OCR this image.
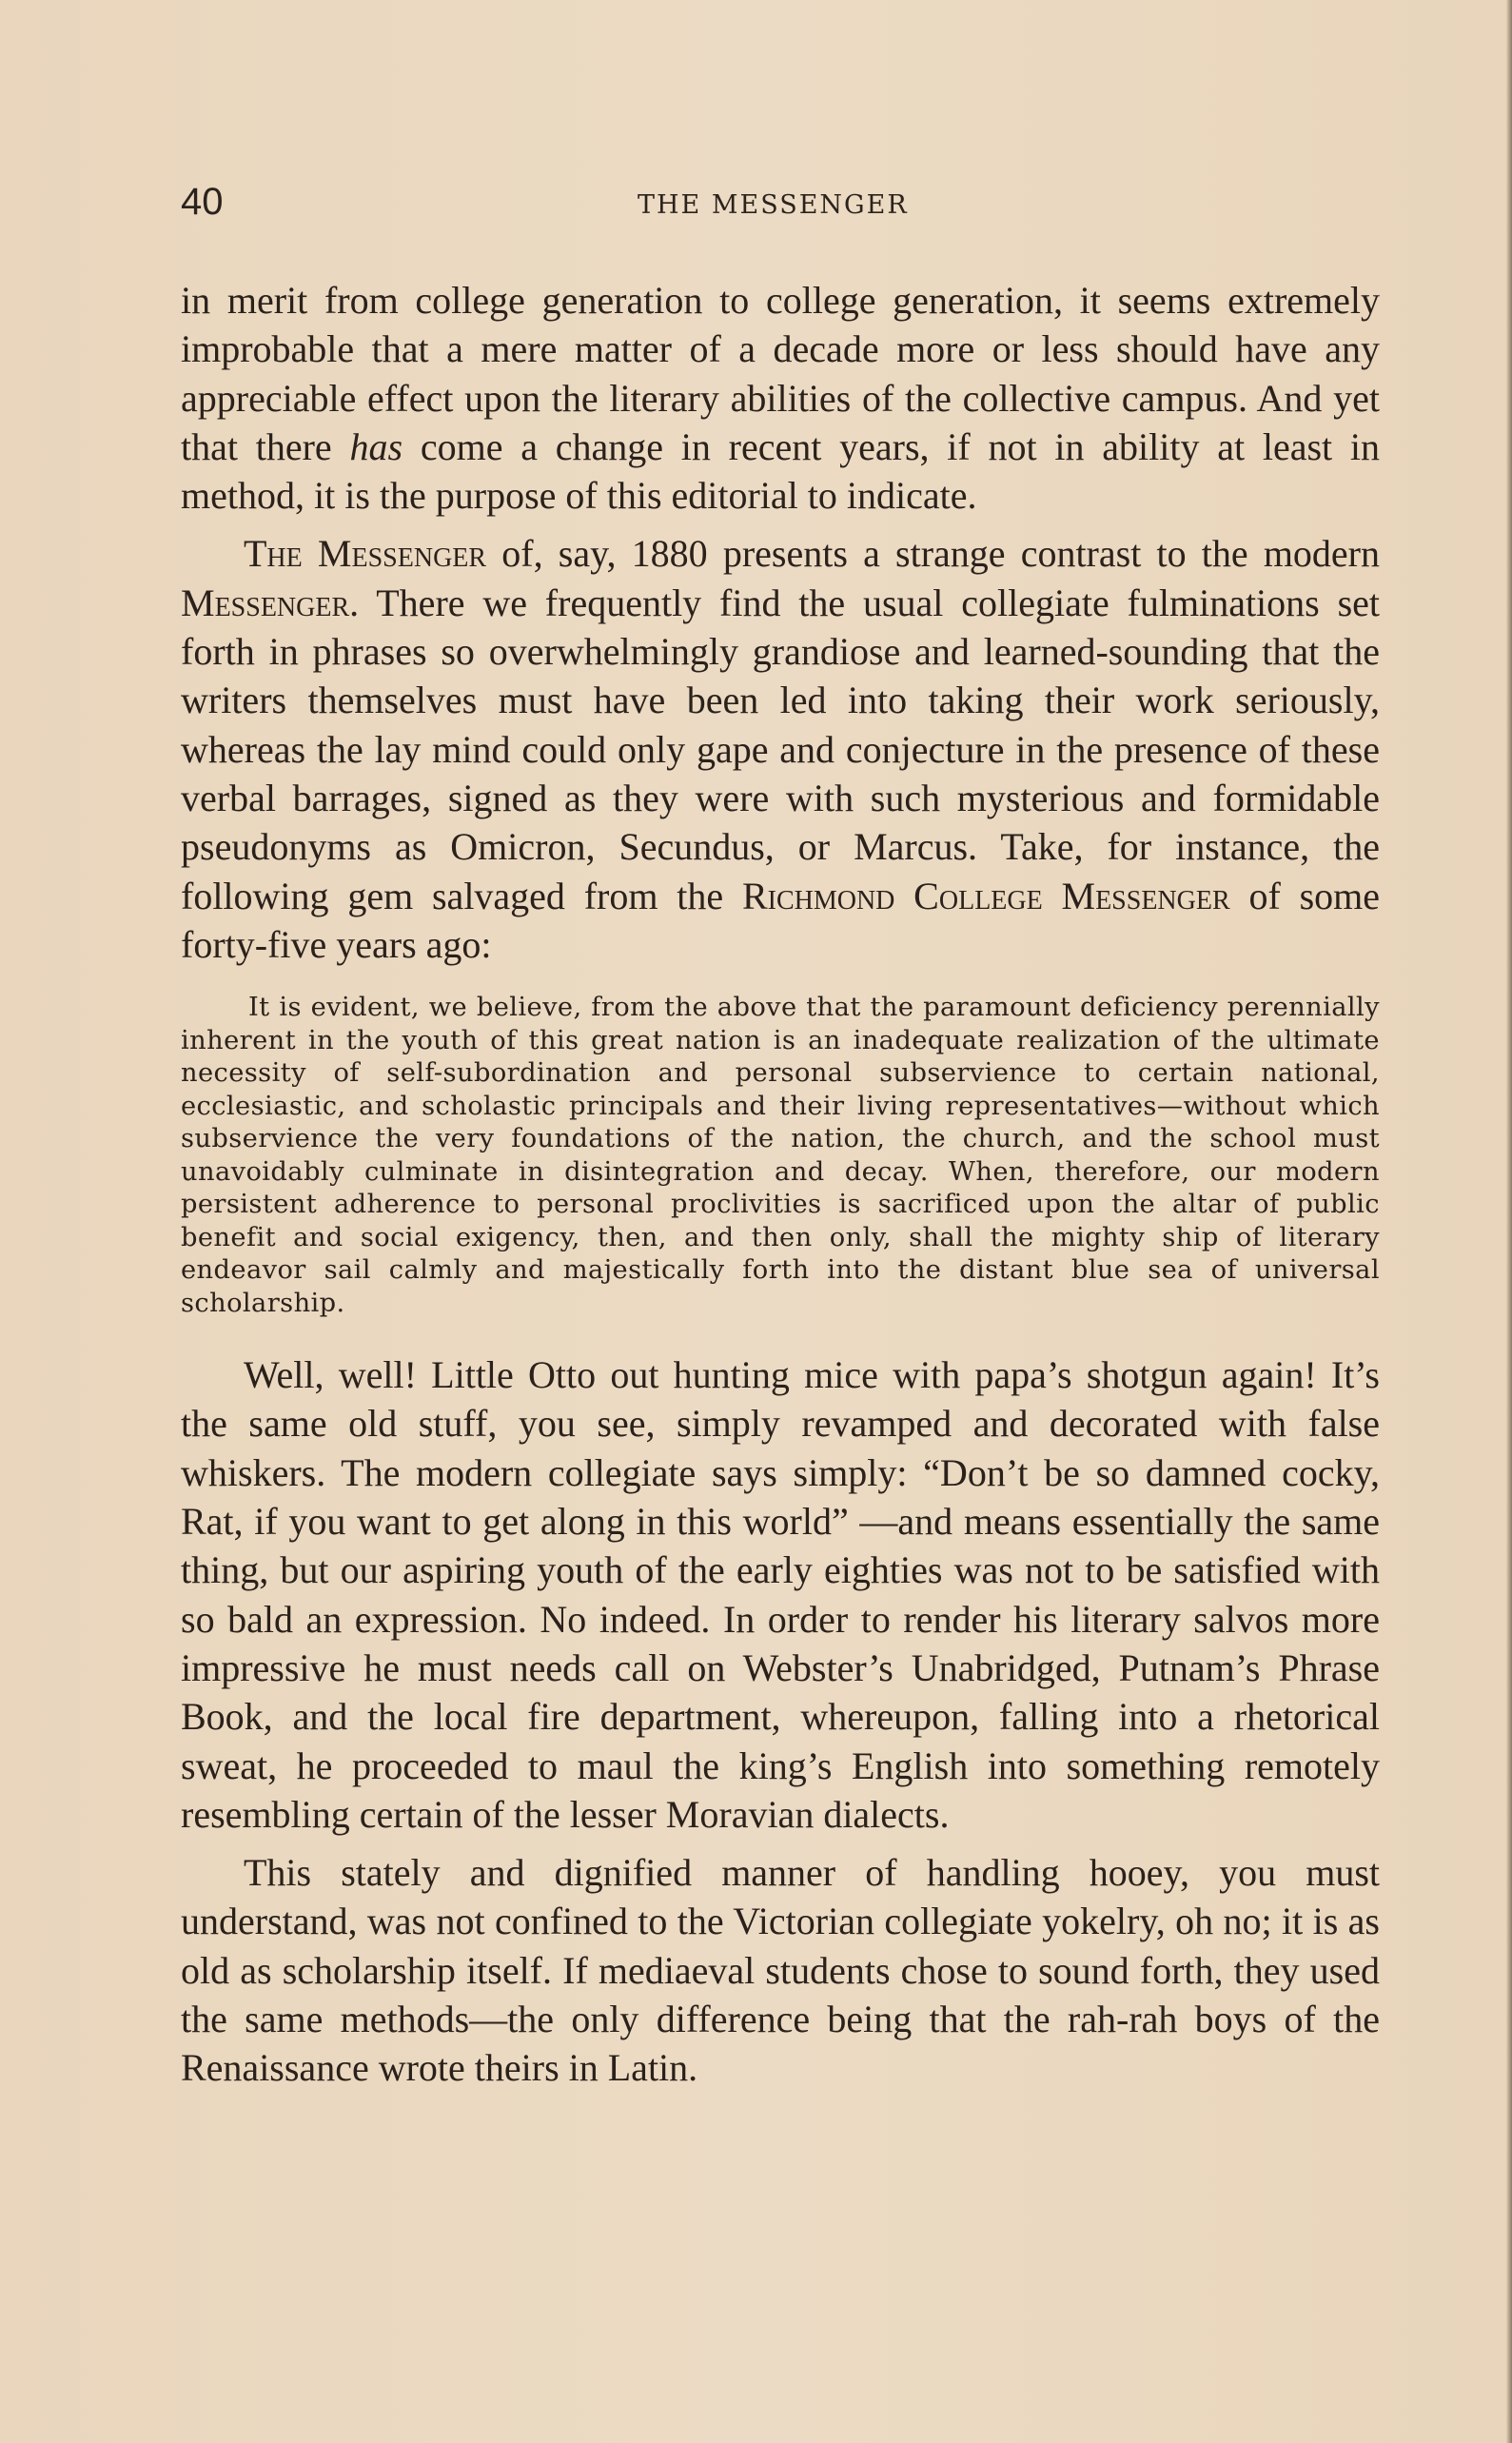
40	THE MESSENGER

in merit from college generation to college generation, it seems extremely improbable that a mere matter of a decade more or less should have any appreciable effect upon the literary abilities of the collective campus. And yet that there has come a change in recent years, if not in ability at least in method, it is the purpose of this editorial to indicate.

The Messenger of, say, 1880 presents a strange contrast to the modern Messenger. There we frequently find the usual collegiate fulminations set forth in phrases so overwhelmingly grandiose and learned-sounding that the writers themselves must have been led into taking their work seriously, whereas the lay mind could only gape and conjecture in the presence of these verbal barrages, signed as they were with such mysterious and formidable pseudonyms as Omicron, Secundus, or Marcus. Take, for instance, the following gem salvaged from the Richmond College Messenger of some forty-five years ago:

It is evident, we believe, from the above that the paramount deficiency perennially inherent in the youth of this great nation is an inadequate realization of the ultimate necessity of self-subordination and personal subservience to certain national, ecclesiastic, and scholastic principals and their living representatives—without which subservience the very foundations of the nation, the church, and the school must unavoidably culminate in disintegration and decay. When, therefore, our modern persistent adherence to personal proclivities is sacrificed upon the altar of public benefit and social exigency, then, and then only, shall the mighty ship of literary endeavor sail calmly and majestically forth into the distant blue sea of universal scholarship.

Well, well! Little Otto out hunting mice with papa’s shotgun again! It’s the same old stuff, you see, simply revamped and decorated with false whiskers. The modern collegiate says simply: “Don’t be so damned cocky, Rat, if you want to get along in this world” —and means essentially the same thing, but our aspiring youth of the early eighties was not to be satisfied with so bald an expression. No indeed. In order to render his literary salvos more impressive he must needs call on Webster’s Unabridged, Putnam’s Phrase Book, and the local fire department, whereupon, falling into a rhetorical sweat, he proceeded to maul the king’s English into something remotely resembling certain of the lesser Moravian dialects.

This stately and dignified manner of handling hooey, you must understand, was not confined to the Victorian collegiate yokelry, oh no; it is as old as scholarship itself. If mediaeval students chose to sound forth, they used the same methods—the only difference being that the rah-rah boys of the Renaissance wrote theirs in Latin.
